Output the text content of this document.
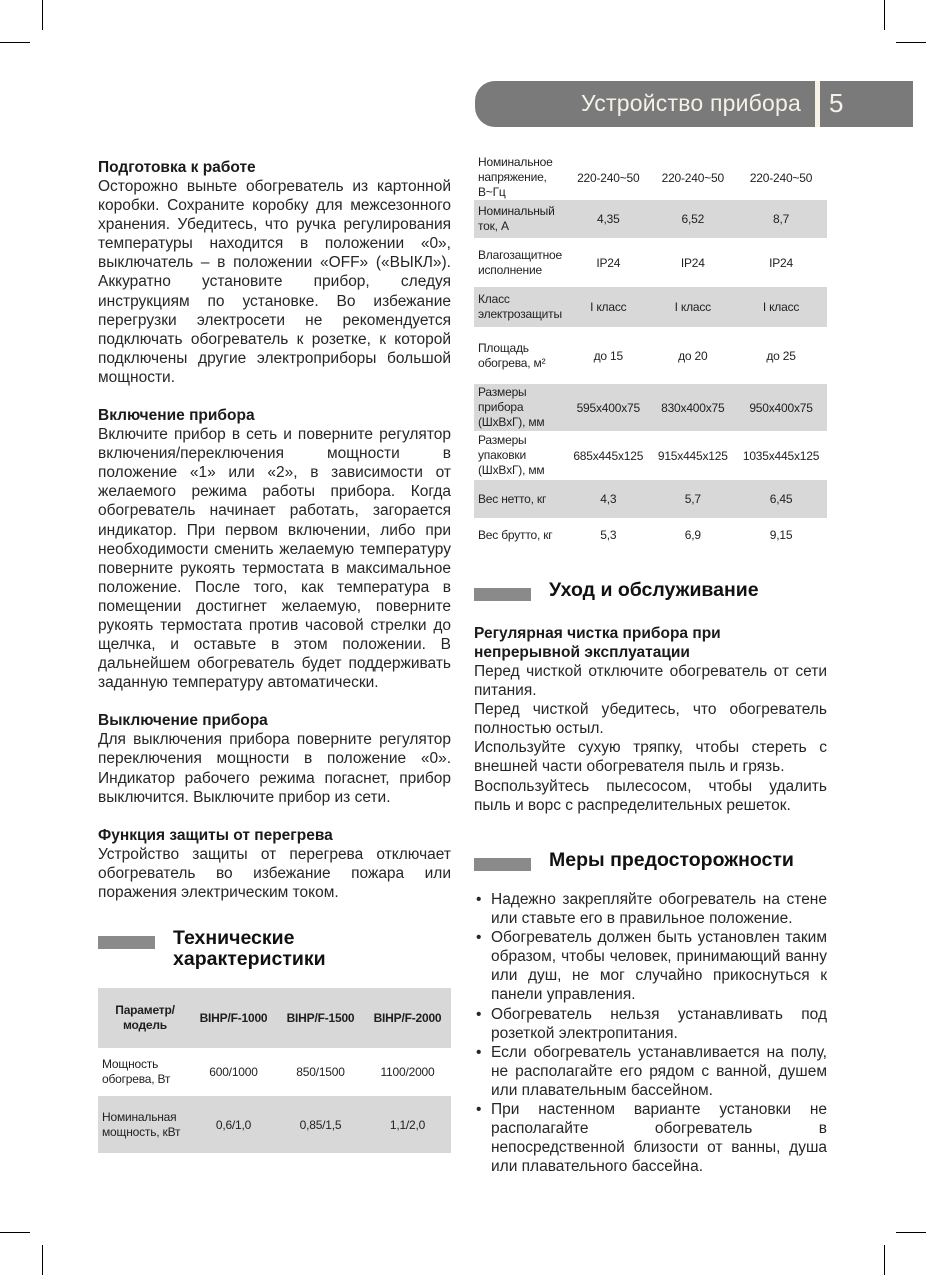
Устройство прибора 5

Подготовка к работе

Осторожно выньте обогреватель из картонной коробки. Сохраните коробку для межсезонного хранения. Убедитесь, что ручка регулирования температуры находится в положении «0», выключатель – в положении «OFF» («ВЫКЛ»). Аккуратно установите прибор, следуя инструкциям по установке. Во избежание перегрузки электросети не рекомендуется подключать обогреватель к розетке, к которой подключены другие электроприборы большой мощности.

Включение прибора

Включите прибор в сеть и поверните регулятор включения/переключения мощности в положение «1» или «2», в зависимости от желаемого режима работы прибора. Когда обогреватель начинает работать, загорается индикатор. При первом включении, либо при необходимости сменить желаемую температуру поверните рукоять термостата в максимальное положение. После того, как температура в помещении достигнет желаемую, поверните рукоять термостата против часовой стрелки до щелчка, и оставьте в этом положении. В дальнейшем обогреватель будет поддерживать заданную температуру автоматически.

Выключение прибора

Для выключения прибора поверните регулятор переключения мощности в положение «0». Индикатор рабочего режима погаснет, прибор выключится. Выключите прибор из сети.

Функция защиты от перегрева

Устройство защиты от перегрева отключает обогреватель во избежание пожара или поражения электрическим током.

Технические
характеристики
Параметр/ модель	BIHP/F-1000	BIHP/F-1500	BIHP/F-2000
Мощность обогрева, Вт	600/1000	850/1500	1100/2000
Номинальная мощность, кВт	0,6/1,0	0,85/1,5	1,1/2,0
Номинальное напряжение, В~Гц	220-240~50	220-240~50	220-240~50
Номинальный ток, А	4,35	6,52	8,7
Влагозащитное исполнение	IP24	IP24	IP24
Класс электрозащиты	I класс	I класс	I класс
Площадь обогрева, м²	до 15	до 20	до 25
Размеры прибора (ШxВxГ), мм	595x400x75	830x400x75	950x400x75
Размеры упаковки (ШxВxГ), мм	685x445x125	915x445x125	1035x445x125
Вес нетто, кг	4,3	5,7	6,45
Вес брутто, кг	5,3	6,9	9,15
Уход и обслуживание

Регулярная чистка прибора при непрерывной эксплуатации

Перед чисткой отключите обогреватель от сети питания.

Перед чисткой убедитесь, что обогреватель полностью остыл.

Используйте сухую тряпку, чтобы стереть с внешней части обогревателя пыль и грязь.

Воспользуйтесь пылесосом, чтобы удалить пыль и ворс с распределительных решеток.

Меры предосторожности
• Надежно закрепляйте обогреватель на стене или ставьте его в правильное положение.
• Обогреватель должен быть установлен таким образом, чтобы человек, принимающий ванну или душ, не мог случайно прикоснуться к панели управления.
• Обогреватель нельзя устанавливать под розеткой электропитания.
• Если обогреватель устанавливается на полу, не располагайте его рядом с ванной, душем или плавательным бассейном.
• При настенном варианте установки не располагайте обогреватель в непосредственной близости от ванны, душа или плавательного бассейна.
